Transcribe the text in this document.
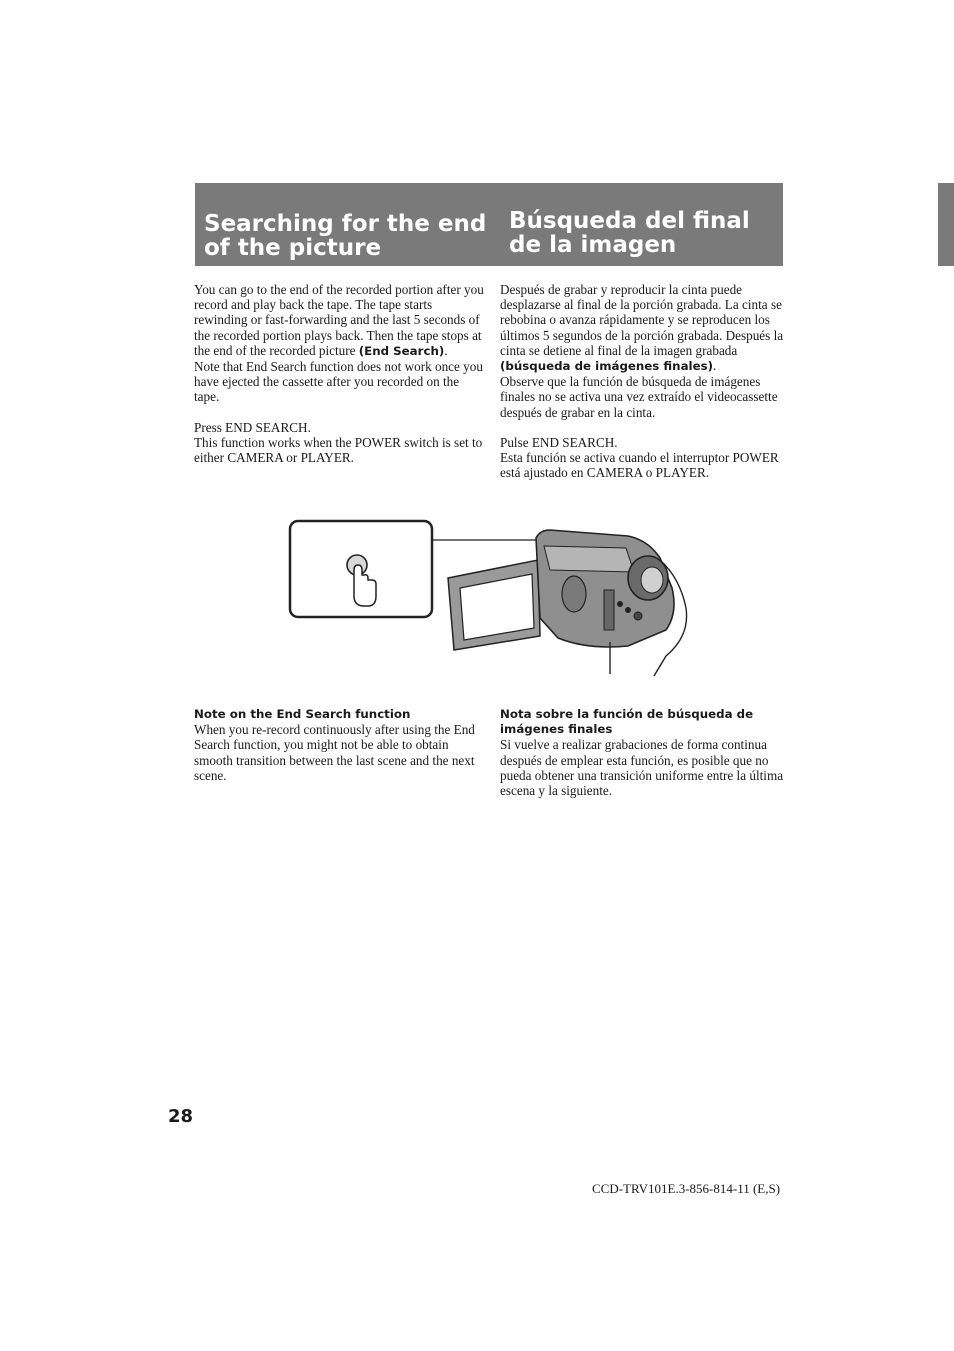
Searching for the end
of the picture
Búsqueda del final
de la imagen

You can go to the end of the recorded portion after you record and play back the tape. The tape starts rewinding or fast-forwarding and the last 5 seconds of the recorded portion plays back. Then the tape stops at the end of the recorded picture (End Search).

Note that End Search function does not work once you have ejected the cassette after you recorded on the tape.

Press END SEARCH.

This function works when the POWER switch is set to either CAMERA or PLAYER.

Después de grabar y reproducir la cinta puede desplazarse al final de la porción grabada. La cinta se rebobina o avanza rápidamente y se reproducen los últimos 5 segundos de la porción grabada. Después la cinta se detiene al final de la imagen grabada (búsqueda de imágenes finales).

Observe que la función de búsqueda de imágenes finales no se activa una vez extraído el videocassette después de grabar en la cinta.

Pulse END SEARCH.

Esta función se activa cuando el interruptor POWER está ajustado en CAMERA o PLAYER.

Note on the End Search function

When you re-record continuously after using the End Search function, you might not be able to obtain smooth transition between the last scene and the next scene.

Nota sobre la función de búsqueda de imágenes finales

Si vuelve a realizar grabaciones de forma continua después de emplear esta función, es posible que no pueda obtener una transición uniforme entre la última escena y la siguiente.

28
CCD-TRV101E.3-856-814-11 (E,S)
